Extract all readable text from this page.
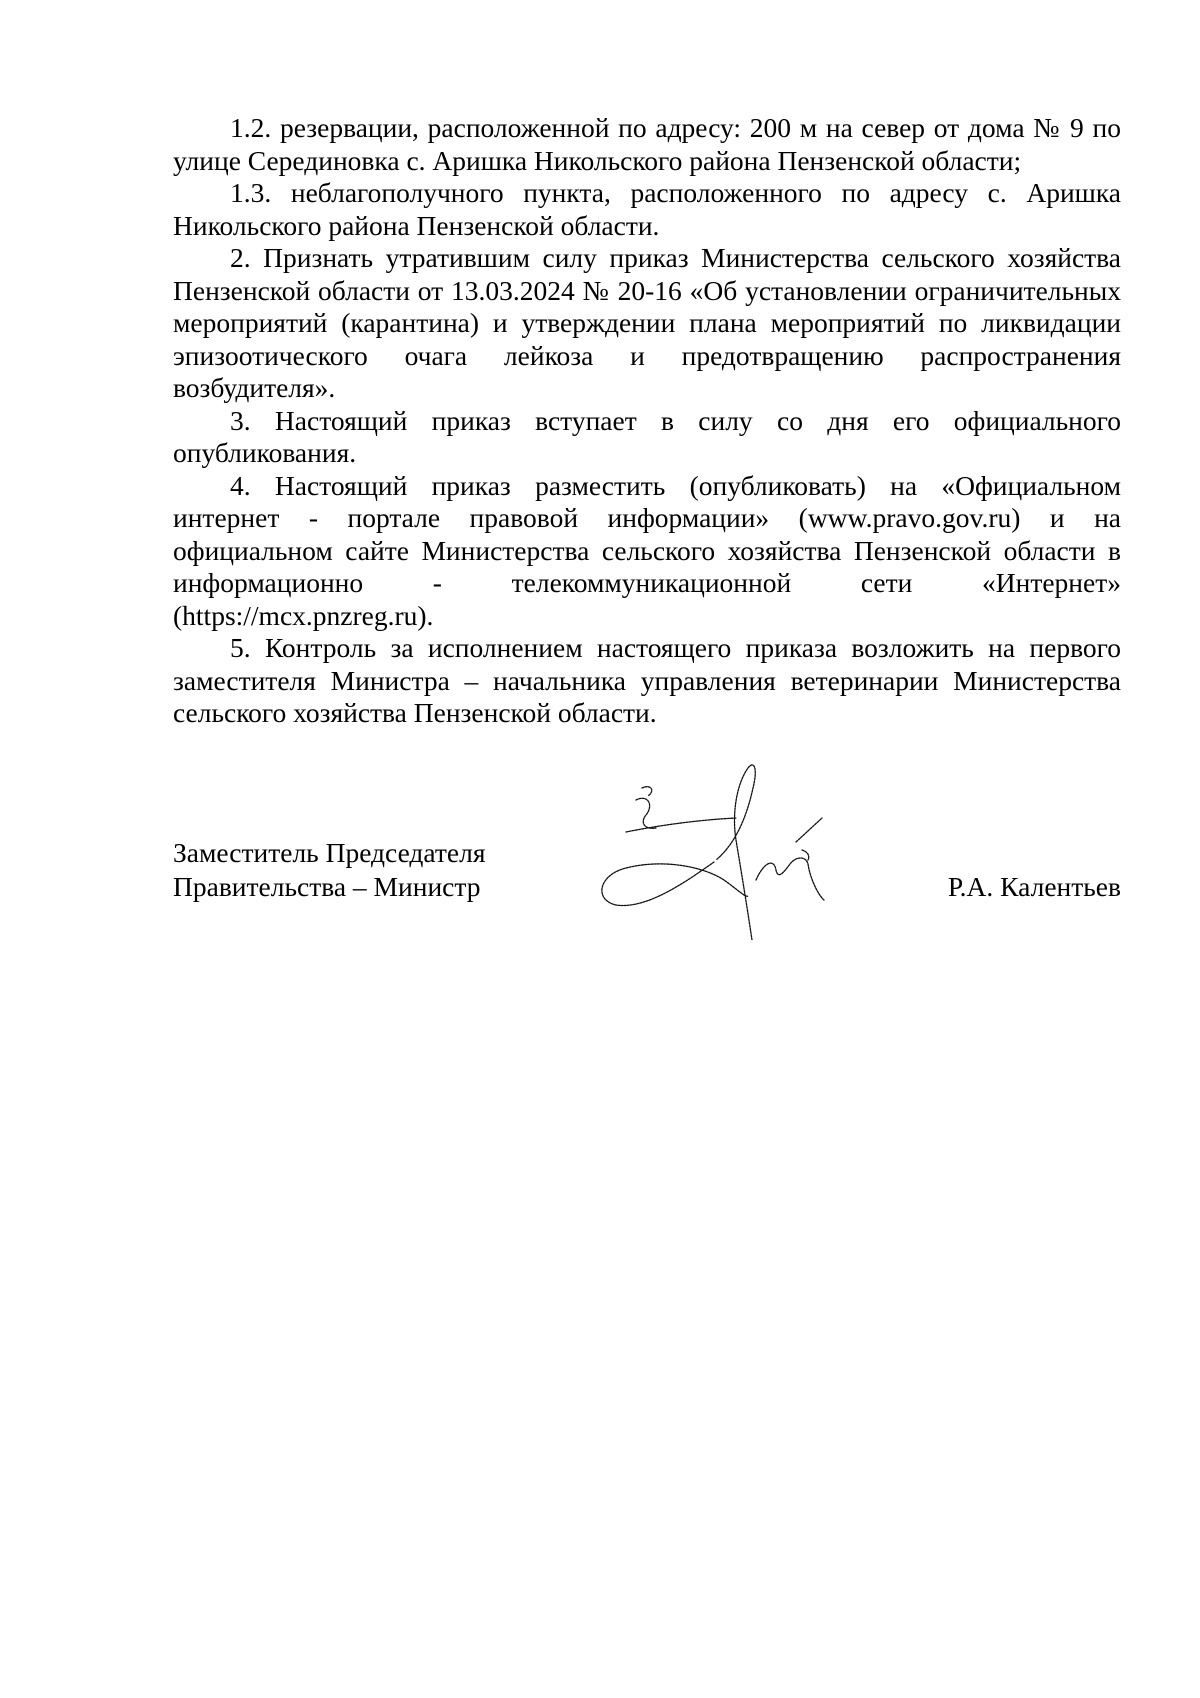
1.2. резервации, расположенной по адресу: 200 м на север от дома № 9 по улице Серединовка с. Аришка Никольского района Пензенской области;

1.3. неблагополучного пункта, расположенного по адресу с. Аришка Никольского района Пензенской области.

2. Признать утратившим силу приказ Министерства сельского хозяйства Пензенской области от 13.03.2024 № 20-16 «Об установлении ограничительных мероприятий (карантина) и утверждении плана мероприятий по ликвидации эпизоотического очага лейкоза и предотвращению распространения возбудителя».

3. Настоящий приказ вступает в силу со дня его официального опубликования.

4. Настоящий приказ разместить (опубликовать) на «Официальном интернет - портале правовой информации» (www.pravo.gov.ru) и на официальном сайте Министерства сельского хозяйства Пензенской области в информационно - телекоммуникационной сети «Интернет» (https://mcx.pnzreg.ru).

5. Контроль за исполнением настоящего приказа возложить на первого заместителя Министра – начальника управления ветеринарии Министерства сельского хозяйства Пензенской области.

Заместитель Председателя
Правительства – Министр	Р.А. Калентьев
